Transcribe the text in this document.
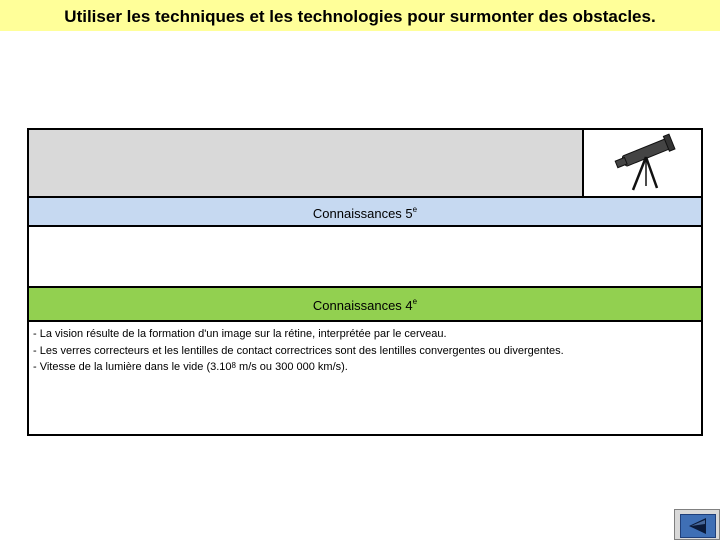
Utiliser les techniques et les technologies pour surmonter des obstacles.
Connaissances 5e
Connaissances 4e
- La vision résulte de la formation d'un image sur la rétine, interprétée par le cerveau.
- Les verres correcteurs et les lentilles de contact correctrices sont des lentilles convergentes ou divergentes.
- Vitesse de la lumière dans le vide (3.10$^8$ m/s ou 300 000 km/s).
